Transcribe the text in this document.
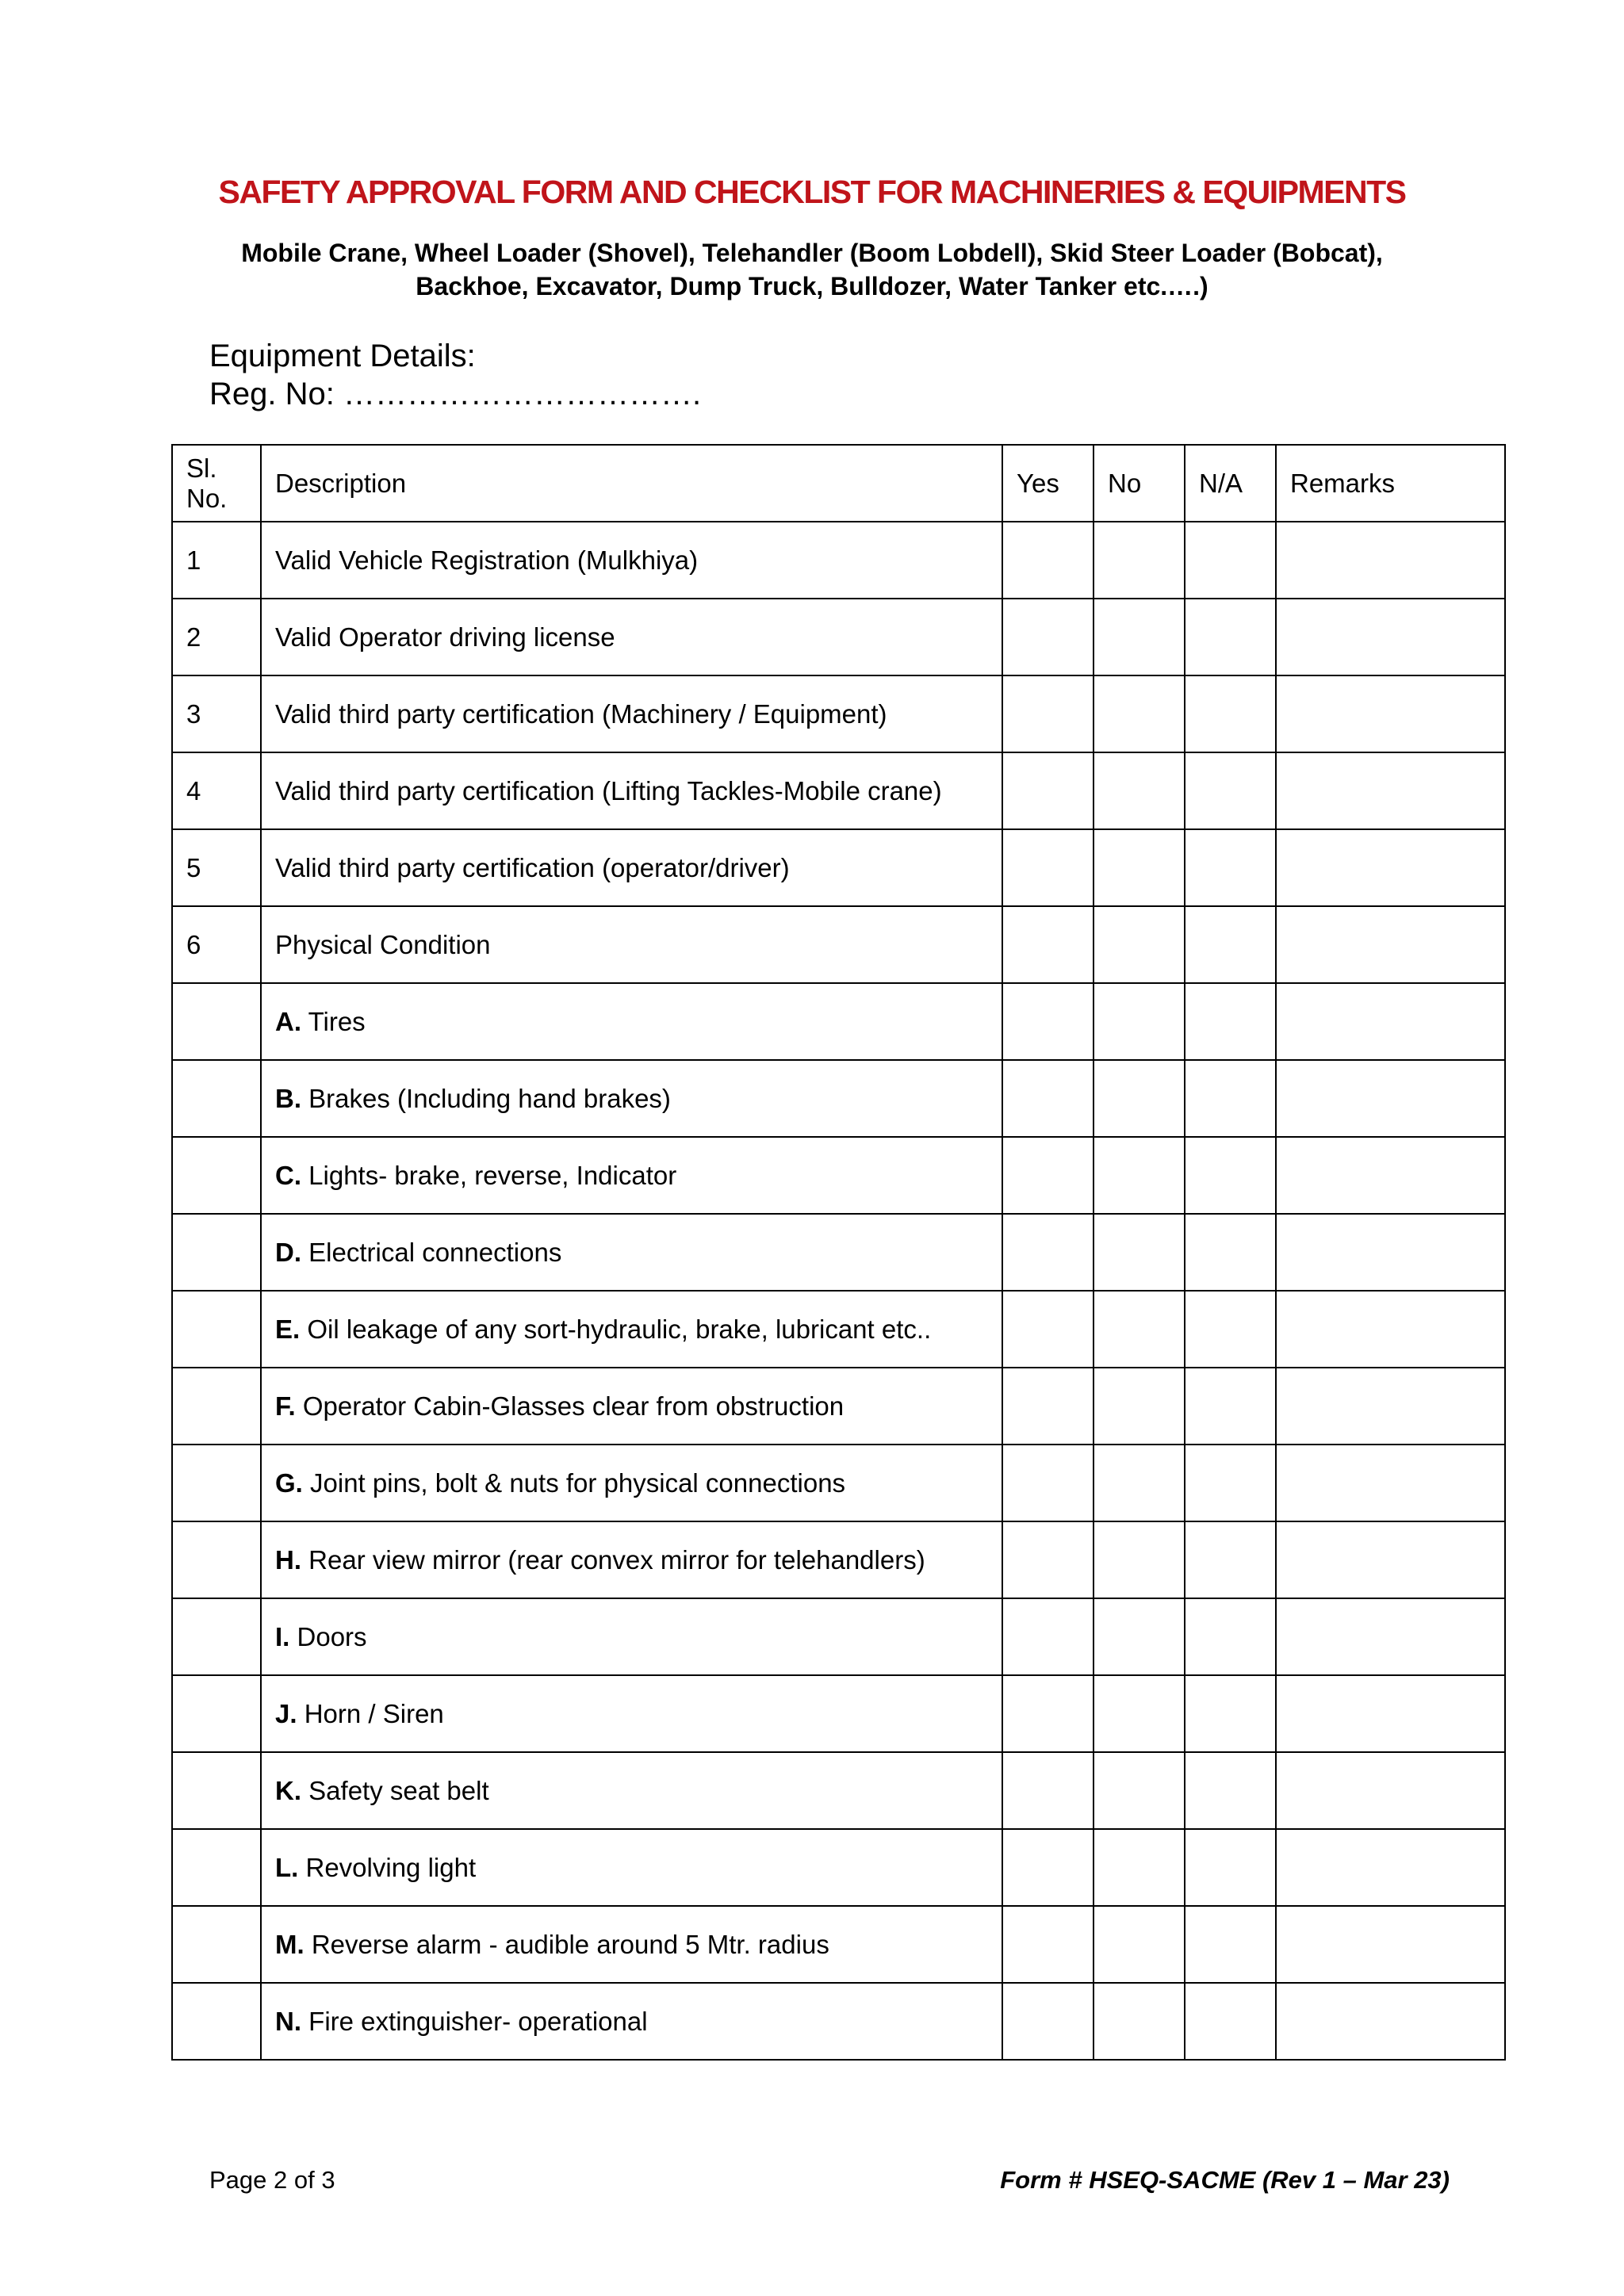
SAFETY APPROVAL FORM AND CHECKLIST FOR MACHINERIES & EQUIPMENTS
Mobile Crane, Wheel Loader (Shovel), Telehandler (Boom Lobdell), Skid Steer Loader (Bobcat),
Backhoe, Excavator, Dump Truck, Bulldozer, Water Tanker etc.….)
Equipment Details:
Reg. No: …………………………….
Sl.
No.	Description	Yes	No	N/A	Remarks
1	Valid Vehicle Registration (Mulkhiya)				
2	Valid Operator driving license				
3	Valid third party certification (Machinery / Equipment)				
4	Valid third party certification (Lifting Tackles-Mobile crane)				
5	Valid third party certification (operator/driver)				
6	Physical Condition				
	A. Tires				
	B. Brakes (Including hand brakes)				
	C. Lights- brake, reverse, Indicator				
	D. Electrical connections				
	E. Oil leakage of any sort-hydraulic, brake, lubricant etc..				
	F. Operator Cabin-Glasses clear from obstruction				
	G. Joint pins, bolt & nuts for physical connections				
	H. Rear view mirror (rear convex mirror for telehandlers)				
	I. Doors				
	J. Horn / Siren				
	K. Safety seat belt				
	L. Revolving light				
	M. Reverse alarm - audible around 5 Mtr. radius				
	N. Fire extinguisher- operational				
Page 2 of 3	Form # HSEQ-SACME (Rev 1 – Mar 23)
